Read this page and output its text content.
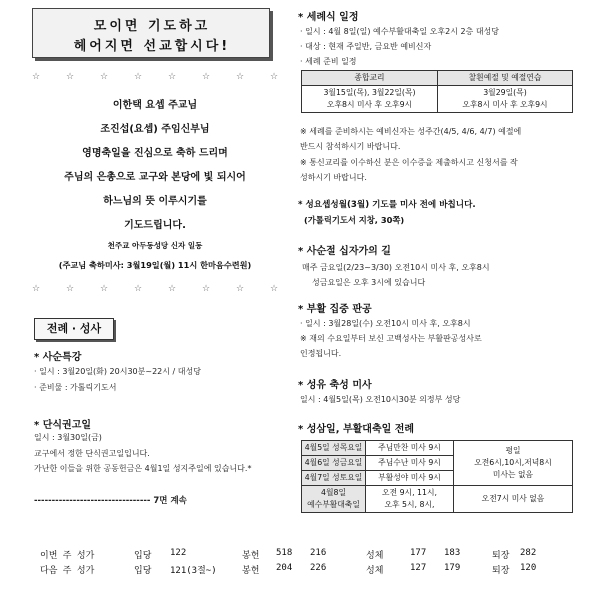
모이면 기도하고
헤어지면 선교합시다!
☆	☆	☆	☆	☆	☆	☆	☆
이한택 요셉 주교님
조진섭(요셉) 주임신부님
영명축일을 진심으로 축하 드리며
주님의 은총으로 교구와 본당에 빛 되시어
하느님의 뜻 이루시기를
기도드립니다.
천주교 아두동성당 신자 일동
(주교님 축하미사: 3월19일(월) 11시 한마음수련원)
☆	☆	☆	☆	☆	☆	☆	☆
전례 · 성사
* 사순특강
· 일시 : 3월20일(화) 20시30분~22시 / 대성당
· 준비물 : 가톨릭기도서
* 단식권고일
일시 : 3월30일(금)
교구에서 정한 단식권고일입니다.
가난한 이들을 위한 공동헌금은 4월1일 성지주일에 있습니다.*
--------------------------------- 7면 계속
* 세례식 일정
· 일시 : 4월 8일(일) 예수부활대축일 오후2시 2층 대성당
· 대상 : 현재 주일반, 금요반 예비신자
· 세례 준비 일정
종합교리	찰흰예절 및 예절연습
3월15일(목), 3월22일(목)
오후8시 미사 후 오후9시	3월29일(목)
오후8시 미사 후 오후9시
※ 세례를 준비하시는 예비신자는 성주간(4/5, 4/6, 4/7) 예절에
반드시 참석하시기 바랍니다.
※ 통신교리를 이수하신 분은 이수증을 제출하시고 신청서를 작
성하시기 바랍니다.
* 성요셉성월(3월) 기도를 미사 전에 바칩니다.
(가톨릭기도서 지창, 30쪽)
* 사순절 십자가의 길
매주 금요일(2/23~3/30) 오전10시 미사 후, 오후8시
성금요일은 오후 3시에 있습니다
* 부활 집중 판공
· 일시 : 3월28일(수) 오전10시 미사 후, 오후8시
※ 재의 수요일부터 보신 고백성사는 부활판공성사로
인정됩니다.
* 성유 축성 미사
일시 : 4월5일(목) 오전10시30분 의정부 성당
* 성삼일, 부활대축일 전례
4월5일 성목요일	주님만찬 미사 9시	평일
오전6시,10시,저녁8시
미사는 없음
4월6일 성금요일	주님수난 미사 9시	
4월7일 성토요일	부활성야 미사 9시	
4월8일
예수부활대축일	오전 9시, 11시,
오후 5시, 8시,	오전7시 미사 없음
이번 주 성가	입당 122	봉헌 518 216	성체	177 183	퇴장 282
다음 주 성가	입당 121(3절~)	봉헌 204 226	성체	127 179	퇴장 120
